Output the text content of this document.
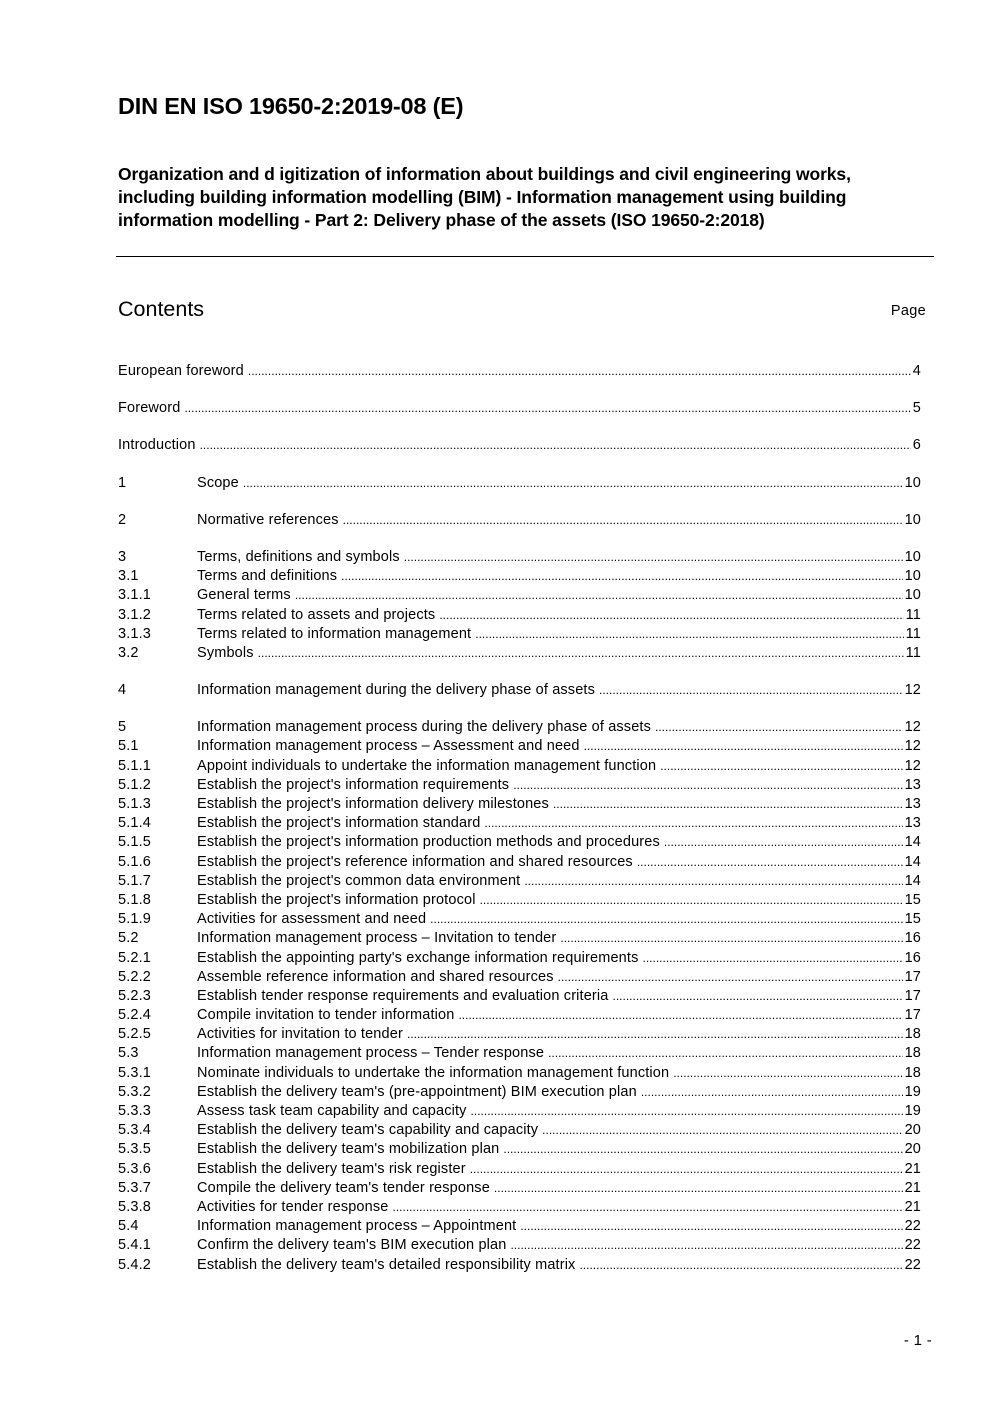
DIN EN ISO 19650-2:2019-08 (E)
Organization and d igitization of information about buildings and civil engineering works, including building information modelling (BIM) - Information management using building information modelling - Part 2: Delivery phase of the assets (ISO 19650-2:2018)
Contents	Page
European foreword .....	4
Foreword .....	5
Introduction .....	6
1	Scope .....	10
2	Normative references .....	10
3	Terms, definitions and symbols .....	10
3.1	Terms and definitions .....	10
3.1.1	General terms .....	10
3.1.2	Terms related to assets and projects .....	11
3.1.3	Terms related to information management .....	11
3.2	Symbols .....	11
4	Information management during the delivery phase of assets .....	12
5	Information management process during the delivery phase of assets .....	12
5.1	Information management process – Assessment and need .....	12
5.1.1	Appoint individuals to undertake the information management function .....	12
5.1.2	Establish the project's information requirements .....	13
5.1.3	Establish the project's information delivery milestones .....	13
5.1.4	Establish the project's information standard .....	13
5.1.5	Establish the project's information production methods and procedures .....	14
5.1.6	Establish the project's reference information and shared resources .....	14
5.1.7	Establish the project's common data environment .....	14
5.1.8	Establish the project's information protocol .....	15
5.1.9	Activities for assessment and need .....	15
5.2	Information management process – Invitation to tender .....	16
5.2.1	Establish the appointing party's exchange information requirements .....	16
5.2.2	Assemble reference information and shared resources .....	17
5.2.3	Establish tender response requirements and evaluation criteria .....	17
5.2.4	Compile invitation to tender information .....	17
5.2.5	Activities for invitation to tender .....	18
5.3	Information management process – Tender response .....	18
5.3.1	Nominate individuals to undertake the information management function .....	18
5.3.2	Establish the delivery team's (pre-appointment) BIM execution plan .....	19
5.3.3	Assess task team capability and capacity .....	19
5.3.4	Establish the delivery team's capability and capacity .....	20
5.3.5	Establish the delivery team's mobilization plan .....	20
5.3.6	Establish the delivery team's risk register .....	21
5.3.7	Compile the delivery team's tender response .....	21
5.3.8	Activities for tender response .....	21
5.4	Information management process – Appointment .....	22
5.4.1	Confirm the delivery team's BIM execution plan .....	22
5.4.2	Establish the delivery team's detailed responsibility matrix .....	22
- 1 -
